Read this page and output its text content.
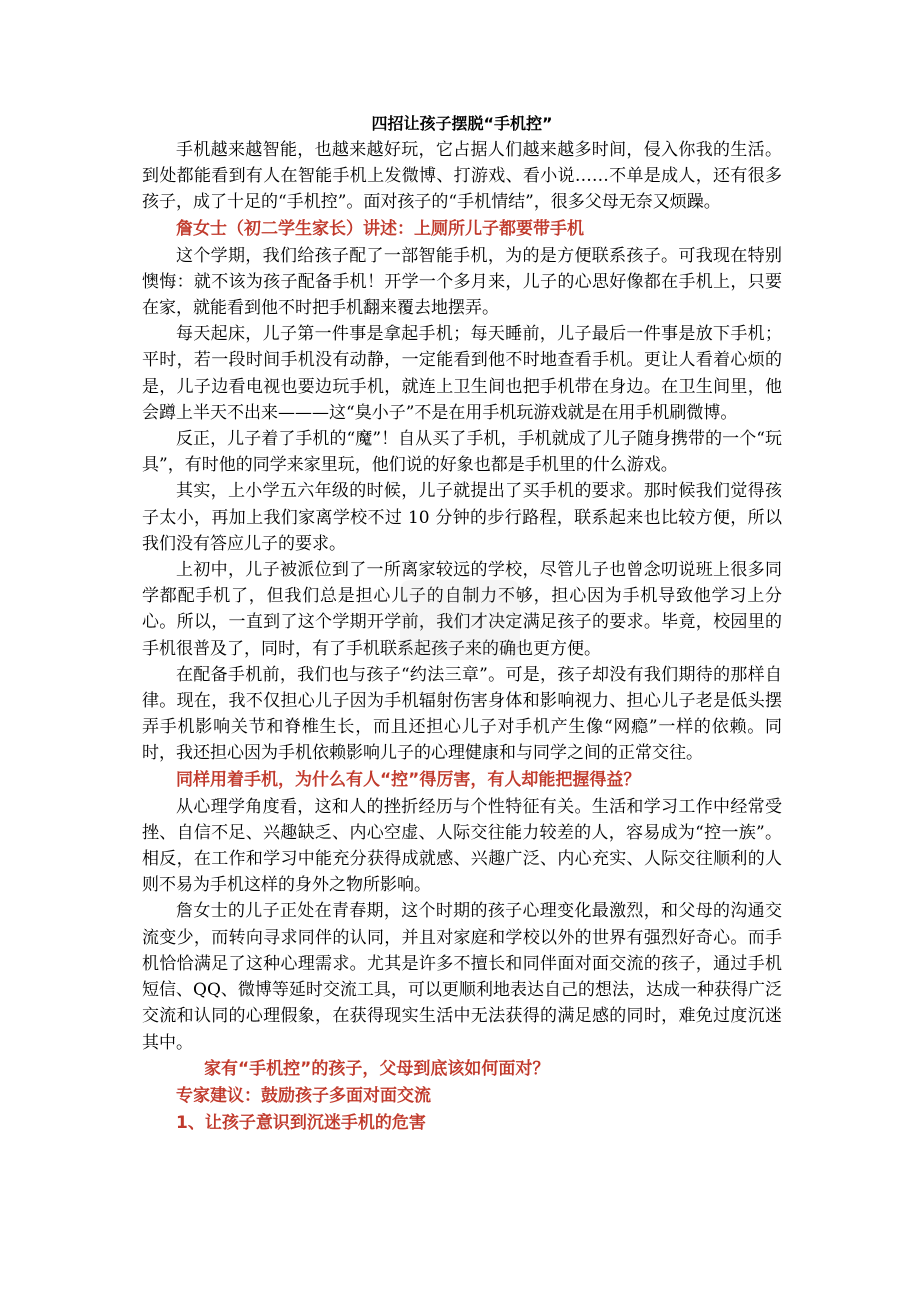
四招让孩子摆脱“手机控”
手机越来越智能，也越来越好玩，它占据人们越来越多时间，侵入你我的生活。到处都能看到有人在智能手机上发微博、打游戏、看小说……不单是成人，还有很多孩子，成了十足的“手机控”。面对孩子的“手机情结”，很多父母无奈又烦躁。
詹女士（初二学生家长）讲述：上厕所儿子都要带手机
这个学期，我们给孩子配了一部智能手机，为的是方便联系孩子。可我现在特别懊悔：就不该为孩子配备手机！开学一个多月来，儿子的心思好像都在手机上，只要在家，就能看到他不时把手机翻来覆去地摆弄。
每天起床，儿子第一件事是拿起手机；每天睡前，儿子最后一件事是放下手机；平时，若一段时间手机没有动静，一定能看到他不时地查看手机。更让人看着心烦的是，儿子边看电视也要边玩手机，就连上卫生间也把手机带在身边。在卫生间里，他会蹲上半天不出来———这“臭小子”不是在用手机玩游戏就是在用手机刷微博。
反正，儿子着了手机的“魔”！自从买了手机，手机就成了儿子随身携带的一个“玩具”，有时他的同学来家里玩，他们说的好象也都是手机里的什么游戏。
其实，上小学五六年级的时候，儿子就提出了买手机的要求。那时候我们觉得孩子太小，再加上我们家离学校不过 10 分钟的步行路程，联系起来也比较方便，所以我们没有答应儿子的要求。
上初中，儿子被派位到了一所离家较远的学校，尽管儿子也曾念叨说班上很多同学都配手机了，但我们总是担心儿子的自制力不够，担心因为手机导致他学习上分心。所以，一直到了这个学期开学前，我们才决定满足孩子的要求。毕竟，校园里的手机很普及了，同时，有了手机联系起孩子来的确也更方便。
在配备手机前，我们也与孩子“约法三章”。可是，孩子却没有我们期待的那样自律。现在，我不仅担心儿子因为手机辐射伤害身体和影响视力、担心儿子老是低头摆弄手机影响关节和脊椎生长，而且还担心儿子对手机产生像“网瘾”一样的依赖。同时，我还担心因为手机依赖影响儿子的心理健康和与同学之间的正常交往。
同样用着手机，为什么有人“控”得厉害，有人却能把握得益？
从心理学角度看，这和人的挫折经历与个性特征有关。生活和学习工作中经常受挫、自信不足、兴趣缺乏、内心空虚、人际交往能力较差的人，容易成为“控一族”。相反，在工作和学习中能充分获得成就感、兴趣广泛、内心充实、人际交往顺利的人则不易为手机这样的身外之物所影响。
詹女士的儿子正处在青春期，这个时期的孩子心理变化最激烈，和父母的沟通交流变少，而转向寻求同伴的认同，并且对家庭和学校以外的世界有强烈好奇心。而手机恰恰满足了这种心理需求。尤其是许多不擅长和同伴面对面交流的孩子，通过手机短信、QQ、微博等延时交流工具，可以更顺利地表达自己的想法，达成一种获得广泛交流和认同的心理假象，在获得现实生活中无法获得的满足感的同时，难免过度沉迷其中。
家有“手机控”的孩子，父母到底该如何面对？
专家建议：鼓励孩子多面对面交流
1、让孩子意识到沉迷手机的危害
